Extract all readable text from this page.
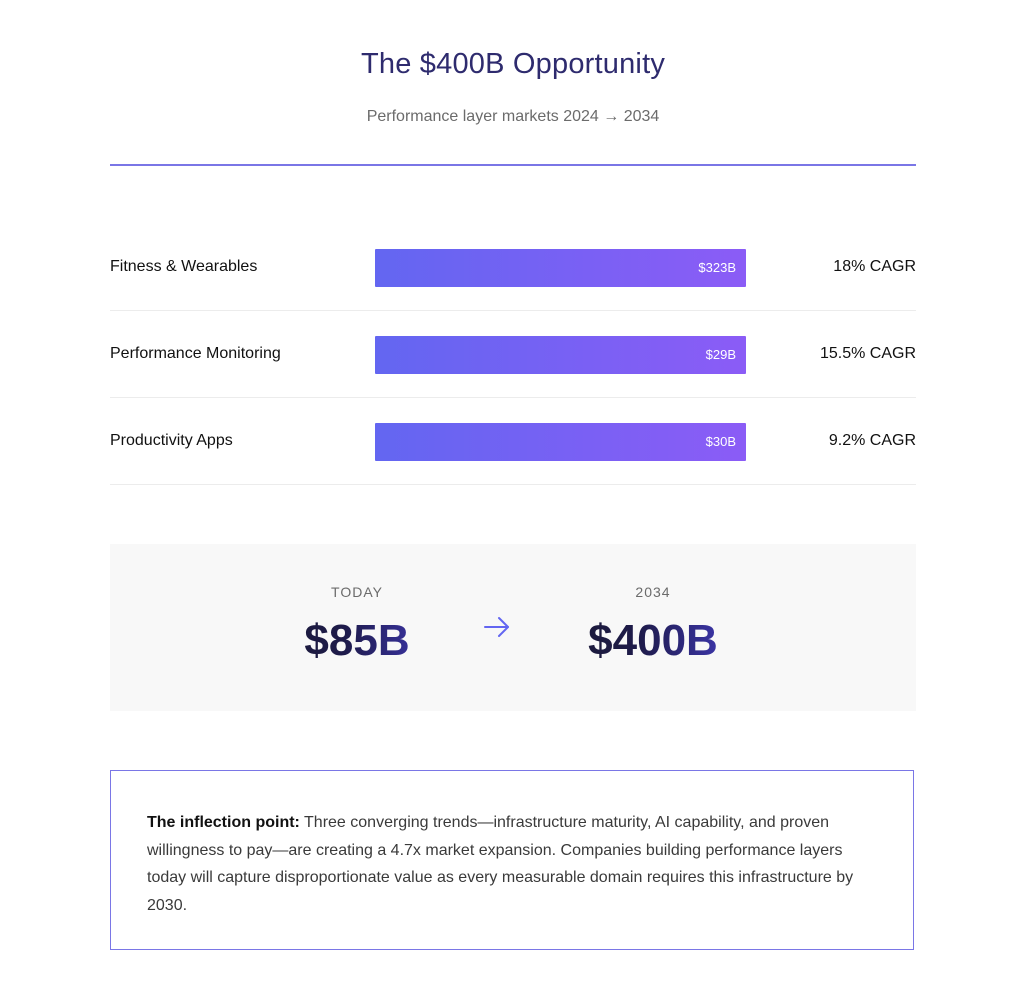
The $400B Opportunity
Performance layer markets 2024 → 2034
Fitness & Wearables	$323B	18% CAGR
Performance Monitoring	$29B	15.5% CAGR
Productivity Apps	$30B	9.2% CAGR
TODAY
$85B
2034
$400B
The inflection point: Three converging trends—infrastructure maturity, AI capability, and proven willingness to pay—are creating a 4.7x market expansion. Companies building performance layers today will capture disproportionate value as every measurable domain requires this infrastructure by 2030.
